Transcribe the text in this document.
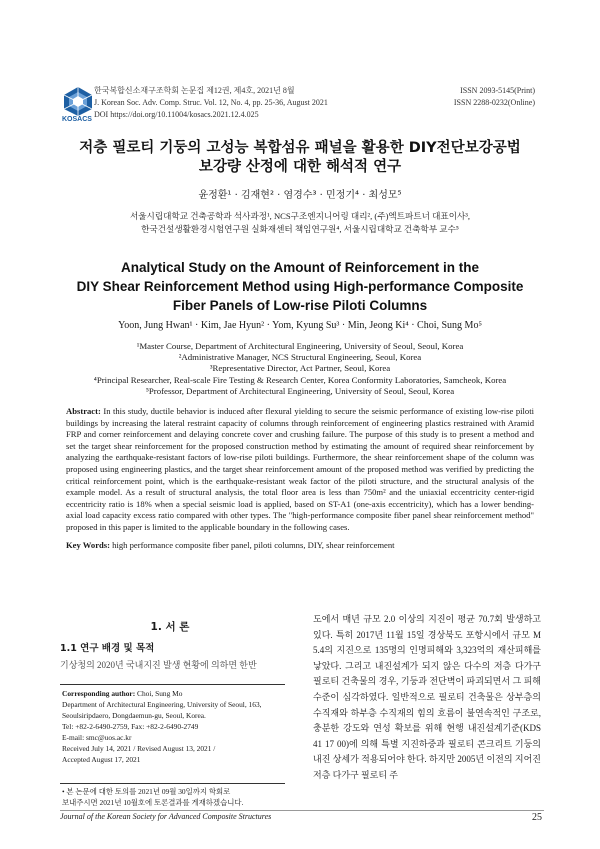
KOSACS
한국복합신소재구조학회 논문집 제12권, 제4호, 2021년 8월
J. Korean Soc. Adv. Comp. Struc. Vol. 12, No. 4, pp. 25-36, August 2021
DOI https://doi.org/10.11004/kosacs.2021.12.4.025
ISSN 2093-5145(Print)
ISSN 2288-0232(Online)
저층 필로티 기둥의 고성능 복합섬유 패널을 활용한 DIY전단보강공법
보강량 산정에 대한 해석적 연구
윤정환¹ · 김재현² · 염경수³ · 민정기⁴ · 최성모⁵
서울시립대학교 건축공학과 석사과정¹, NCS구조엔지니어링 대리², (주)엑트파트너 대표이사³,
한국건설생활환경시험연구원 실화재센터 책임연구원⁴, 서울시립대학교 건축학부 교수⁵
Analytical Study on the Amount of Reinforcement in the
DIY Shear Reinforcement Method using High-performance Composite
Fiber Panels of Low-rise Piloti Columns
Yoon, Jung Hwan¹ · Kim, Jae Hyun² · Yom, Kyung Su³ · Min, Jeong Ki⁴ · Choi, Sung Mo⁵
¹Master Course, Department of Architectural Engineering, University of Seoul, Seoul, Korea
²Administrative Manager, NCS Structural Engineering, Seoul, Korea
³Representative Director, Act Partner, Seoul, Korea
⁴Principal Researcher, Real-scale Fire Testing & Research Center, Korea Conformity Laboratories, Samcheok, Korea
⁵Professor, Department of Architectural Engineering, University of Seoul, Seoul, Korea
Abstract: In this study, ductile behavior is induced after flexural yielding to secure the seismic performance of existing low-rise piloti buildings by increasing the lateral restraint capacity of columns through reinforcement of engineering plastics restrained with Aramid FRP and corner reinforcement and delaying concrete cover and crushing failure. The purpose of this study is to present a method and set the target shear reinforcement for the proposed construction method by estimating the amount of required shear reinforcement by analyzing the earthquake-resistant factors of low-rise piloti buildings. Furthermore, the shear reinforcement shape of the column was proposed using engineering plastics, and the target shear reinforcement amount of the proposed method was verified by predicting the critical reinforcement point, which is the earthquake-resistant weak factor of the piloti structure, and the structural analysis of the example model. As a result of structural analysis, the total floor area is less than 750m² and the uniaxial eccentricity center-rigid eccentricity ratio is 18% when a special seismic load is applied, based on ST-A1 (one-axis eccentricity), which has a lower bending-axial load capacity excess ratio compared with other types. The "high-performance composite fiber panel shear reinforcement method" proposed in this paper is limited to the applicable boundary in the following cases.
Key Words: high performance composite fiber panel, piloti columns, DIY, shear reinforcement
1. 서 론
1.1 연구 배경 및 목적
기상청의 2020년 국내지진 발생 현황에 의하면 한반
Corresponding author: Choi, Sung Mo
Department of Architectural Engineering, University of Seoul, 163, Seoulsiripdaero, Dongdaemun-gu, Seoul, Korea.
Tel: +82-2-6490-2759, Fax: +82-2-6490-2749
E-mail: smc@uos.ac.kr
Received July 14, 2021 / Revised August 13, 2021 /
Accepted August 17, 2021
• 본 논문에 대한 토의를 2021년 09월 30일까지 학회로
보내주시면 2021년 10월호에 토론결과를 게재하겠습니다.
도에서 매년 규모 2.0 이상의 지진이 평균 70.7회 발생하고 있다. 특히 2017년 11월 15일 경상북도 포항시에서 규모 M 5.4의 지진으로 135명의 인명피해와 3,323억의 재산피해를 낳았다. 그리고 내진설계가 되지 않은 다수의 저층 다가구 필로티 건축물의 경우, 기둥과 전단벽이 파괴되면서 그 피해 수준이 심각하였다. 일반적으로 필로티 건축물은 상부층의 수직재와 하부층 수직재의 힘의 흐름이 불연속적인 구조로, 충분한 강도와 연성 확보를 위해 현행 내진설계기준(KDS 41 17 00)에 의해 특별 지진하중과 필로티 콘크리트 기둥의 내진 상세가 적용되어야 한다. 하지만 2005년 이전의 지어진 저층 다가구 필로티 주
Journal of the Korean Society for Advanced Composite Structures	25
